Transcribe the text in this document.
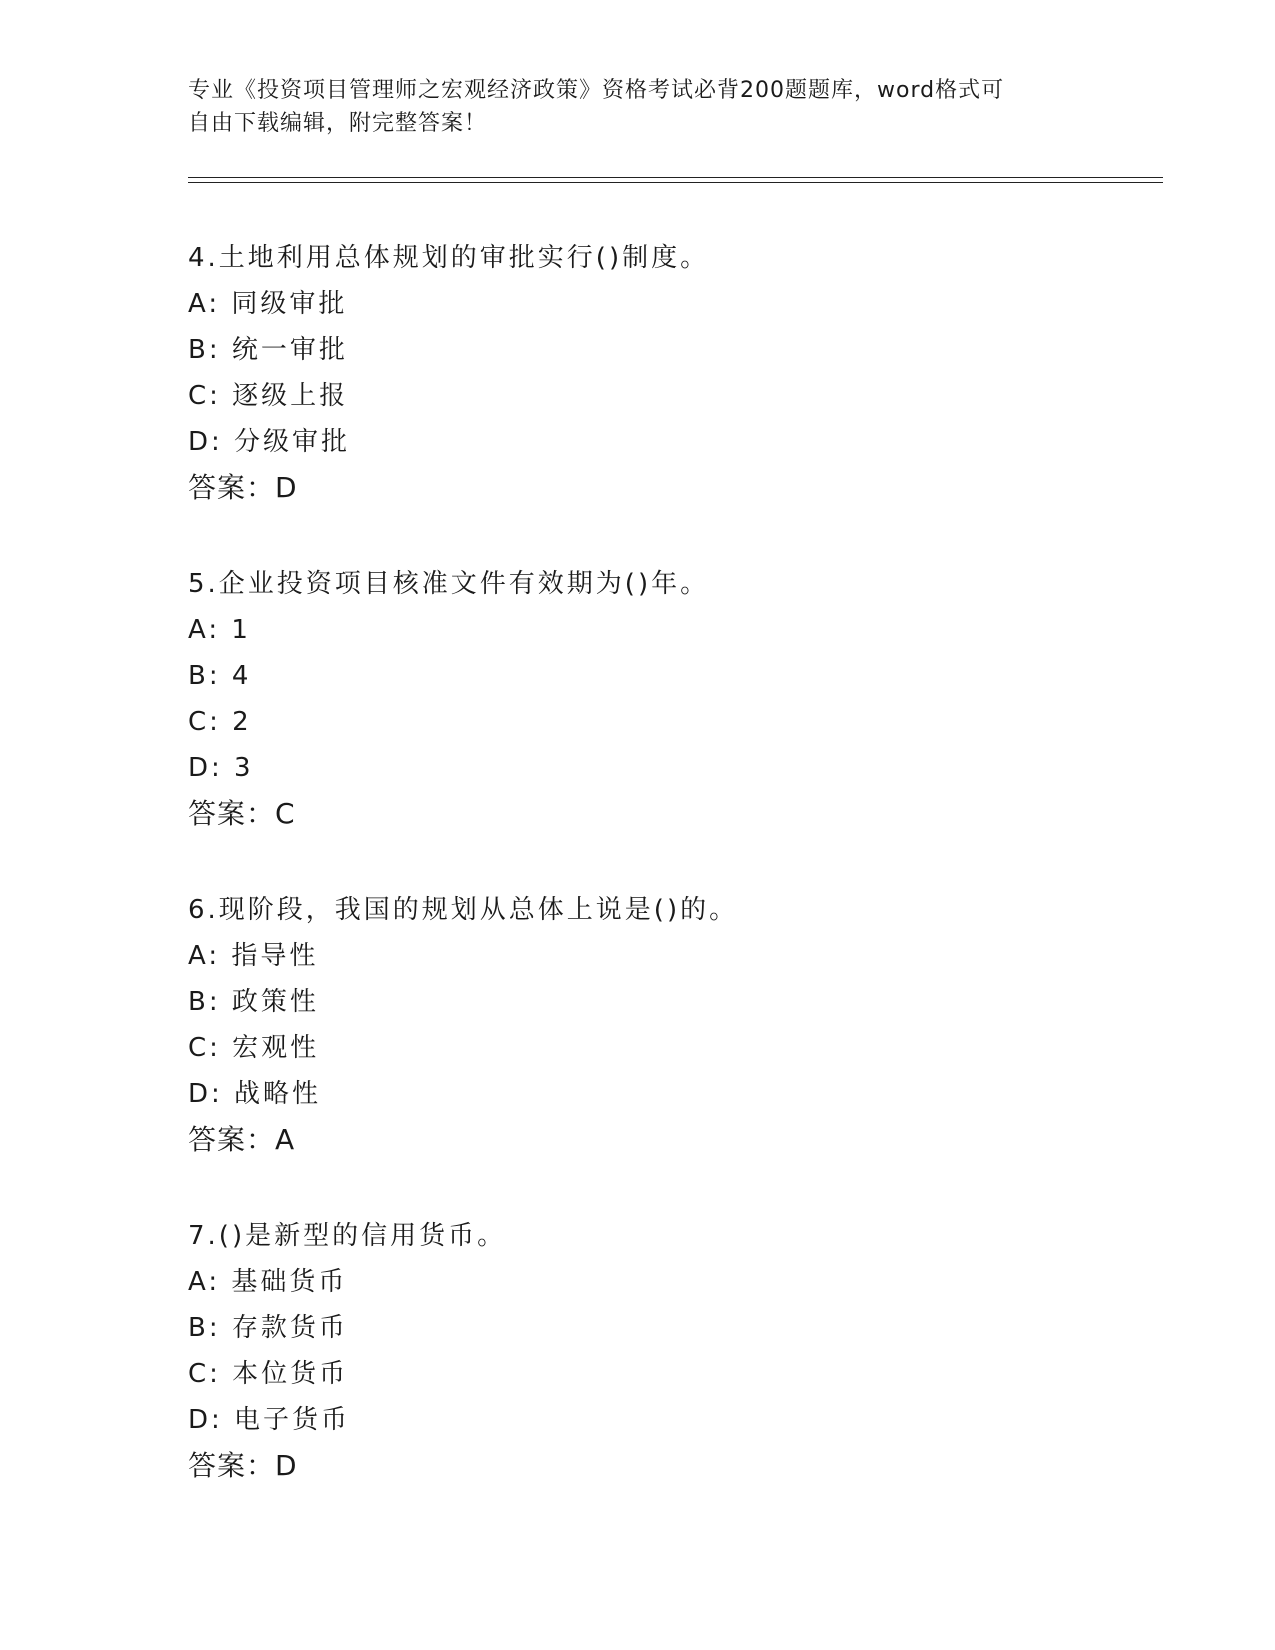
专业《投资项目管理师之宏观经济政策》资格考试必背200题题库，word格式可
自由下载编辑，附完整答案！
4.土地利用总体规划的审批实行()制度。
A: 同级审批
B: 统一审批
C: 逐级上报
D: 分级审批
答案：D
5.企业投资项目核准文件有效期为()年。
A: 1
B: 4
C: 2
D: 3
答案：C
6.现阶段，我国的规划从总体上说是()的。
A: 指导性
B: 政策性
C: 宏观性
D: 战略性
答案：A
7.()是新型的信用货币。
A: 基础货币
B: 存款货币
C: 本位货币
D: 电子货币
答案：D
